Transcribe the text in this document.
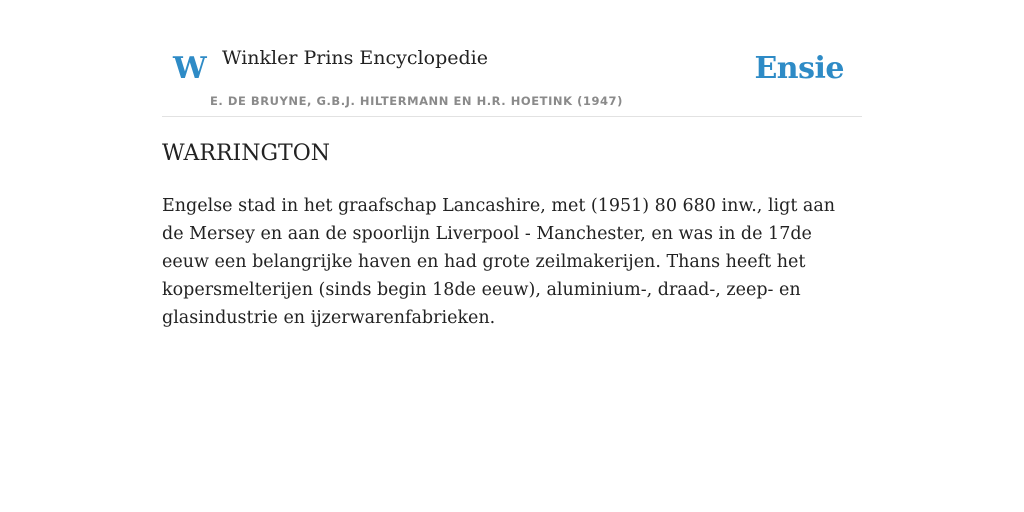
W Winkler Prins Encyclopedie
E. DE BRUYNE, G.B.J. HILTERMANN EN H.R. HOETINK (1947)
Ensie
WARRINGTON

Engelse stad in het graafschap Lancashire, met (1951) 80 680 inw., ligt aan de Mersey en aan de spoorlijn Liverpool - Manchester, en was in de 17de eeuw een belangrijke haven en had grote zeilmakerijen. Thans heeft het kopersmelterijen (sinds begin 18de eeuw), aluminium-, draad-, zeep- en glasindustrie en ijzerwarenfabrieken.
